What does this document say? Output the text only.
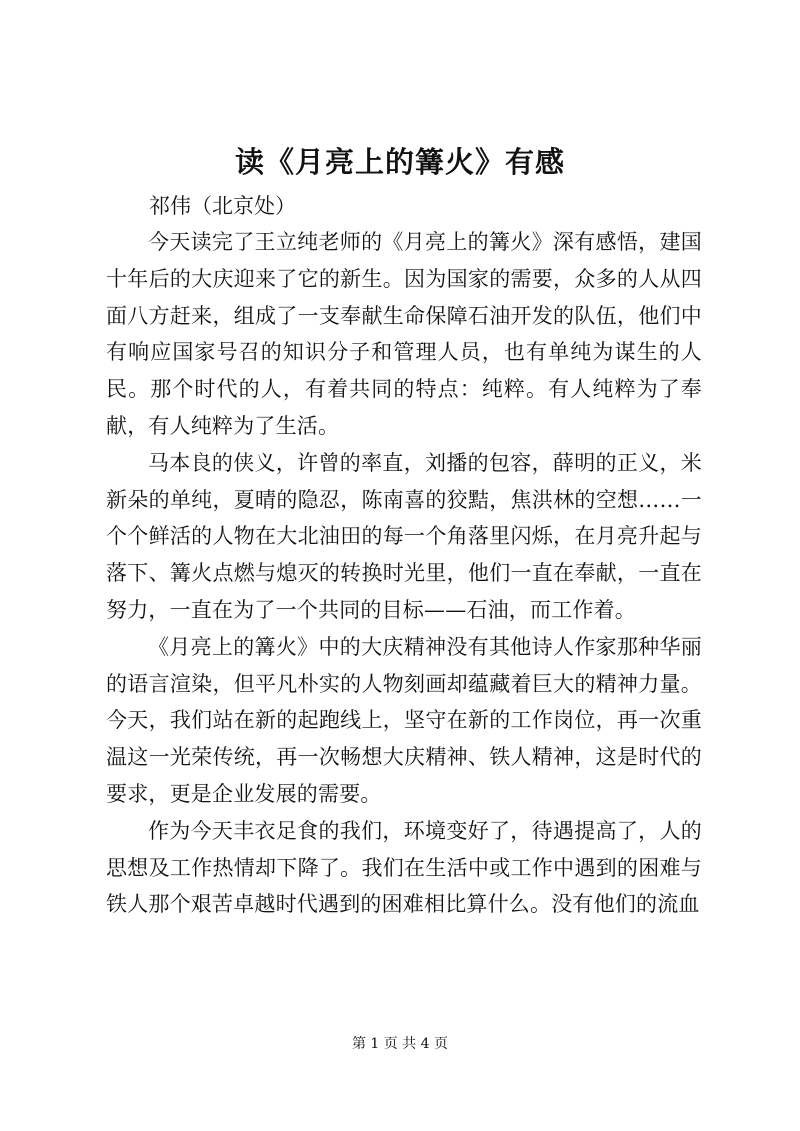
读《月亮上的篝火》有感
祁伟（北京处）

今天读完了王立纯老师的《月亮上的篝火》深有感悟，建国十年后的大庆迎来了它的新生。因为国家的需要，众多的人从四面八方赶来，组成了一支奉献生命保障石油开发的队伍，他们中有响应国家号召的知识分子和管理人员，也有单纯为谋生的人民。那个时代的人，有着共同的特点：纯粹。有人纯粹为了奉献，有人纯粹为了生活。

马本良的侠义，许曾的率直，刘播的包容，薛明的正义，米新朵的单纯，夏晴的隐忍，陈南喜的狡黠，焦洪林的空想……一个个鲜活的人物在大北油田的每一个角落里闪烁，在月亮升起与落下、篝火点燃与熄灭的转换时光里，他们一直在奉献，一直在努力，一直在为了一个共同的目标——石油，而工作着。

《月亮上的篝火》中的大庆精神没有其他诗人作家那种华丽的语言渲染，但平凡朴实的人物刻画却蕴藏着巨大的精神力量。今天，我们站在新的起跑线上，坚守在新的工作岗位，再一次重温这一光荣传统，再一次畅想大庆精神、铁人精神，这是时代的要求，更是企业发展的需要。

作为今天丰衣足食的我们，环境变好了，待遇提高了，人的思想及工作热情却下降了。我们在生活中或工作中遇到的困难与铁人那个艰苦卓越时代遇到的困难相比算什么。没有他们的流血

第 1 页 共 4 页
